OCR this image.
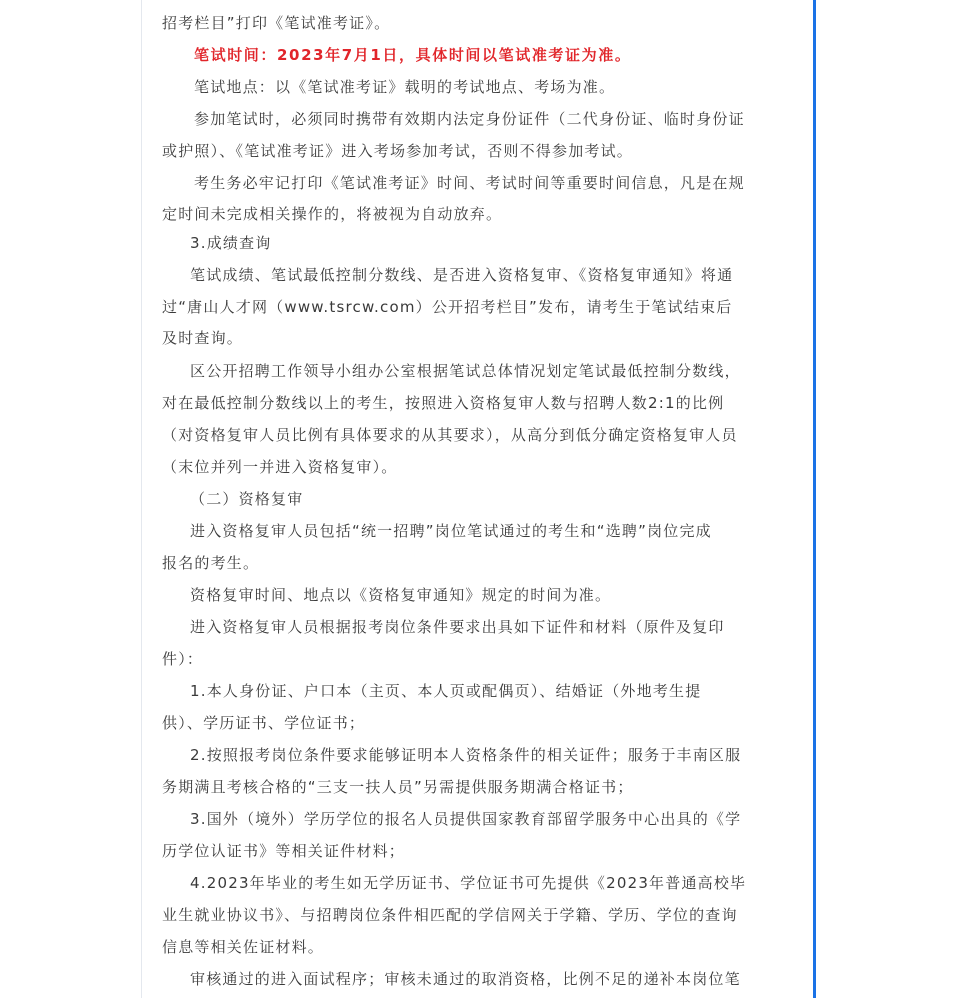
招考栏目”打印《笔试准考证》。
笔试时间：2023年7月1日，具体时间以笔试准考证为准。
笔试地点：以《笔试准考证》载明的考试地点、考场为准。
参加笔试时，必须同时携带有效期内法定身份证件（二代身份证、临时身份证
或护照）、《笔试准考证》进入考场参加考试，否则不得参加考试。
考生务必牢记打印《笔试准考证》时间、考试时间等重要时间信息，凡是在规
定时间未完成相关操作的，将被视为自动放弃。
3.成绩查询
笔试成绩、笔试最低控制分数线、是否进入资格复审、《资格复审通知》将通
过“唐山人才网（www.tsrcw.com）公开招考栏目”发布，请考生于笔试结束后
及时查询。
区公开招聘工作领导小组办公室根据笔试总体情况划定笔试最低控制分数线，
对在最低控制分数线以上的考生，按照进入资格复审人数与招聘人数2:1的比例
（对资格复审人员比例有具体要求的从其要求），从高分到低分确定资格复审人员
（末位并列一并进入资格复审）。
（二）资格复审
进入资格复审人员包括“统一招聘”岗位笔试通过的考生和“选聘”岗位完成
报名的考生。
资格复审时间、地点以《资格复审通知》规定的时间为准。
进入资格复审人员根据报考岗位条件要求出具如下证件和材料（原件及复印
件）：
1.本人身份证、户口本（主页、本人页或配偶页）、结婚证（外地考生提
供）、学历证书、学位证书；
2.按照报考岗位条件要求能够证明本人资格条件的相关证件；服务于丰南区服
务期满且考核合格的“三支一扶人员”另需提供服务期满合格证书；
3.国外（境外）学历学位的报名人员提供国家教育部留学服务中心出具的《学
历学位认证书》等相关证件材料；
4.2023年毕业的考生如无学历证书、学位证书可先提供《2023年普通高校毕
业生就业协议书》、与招聘岗位条件相匹配的学信网关于学籍、学历、学位的查询
信息等相关佐证材料。
审核通过的进入面试程序；审核未通过的取消资格，比例不足的递补本岗位笔
